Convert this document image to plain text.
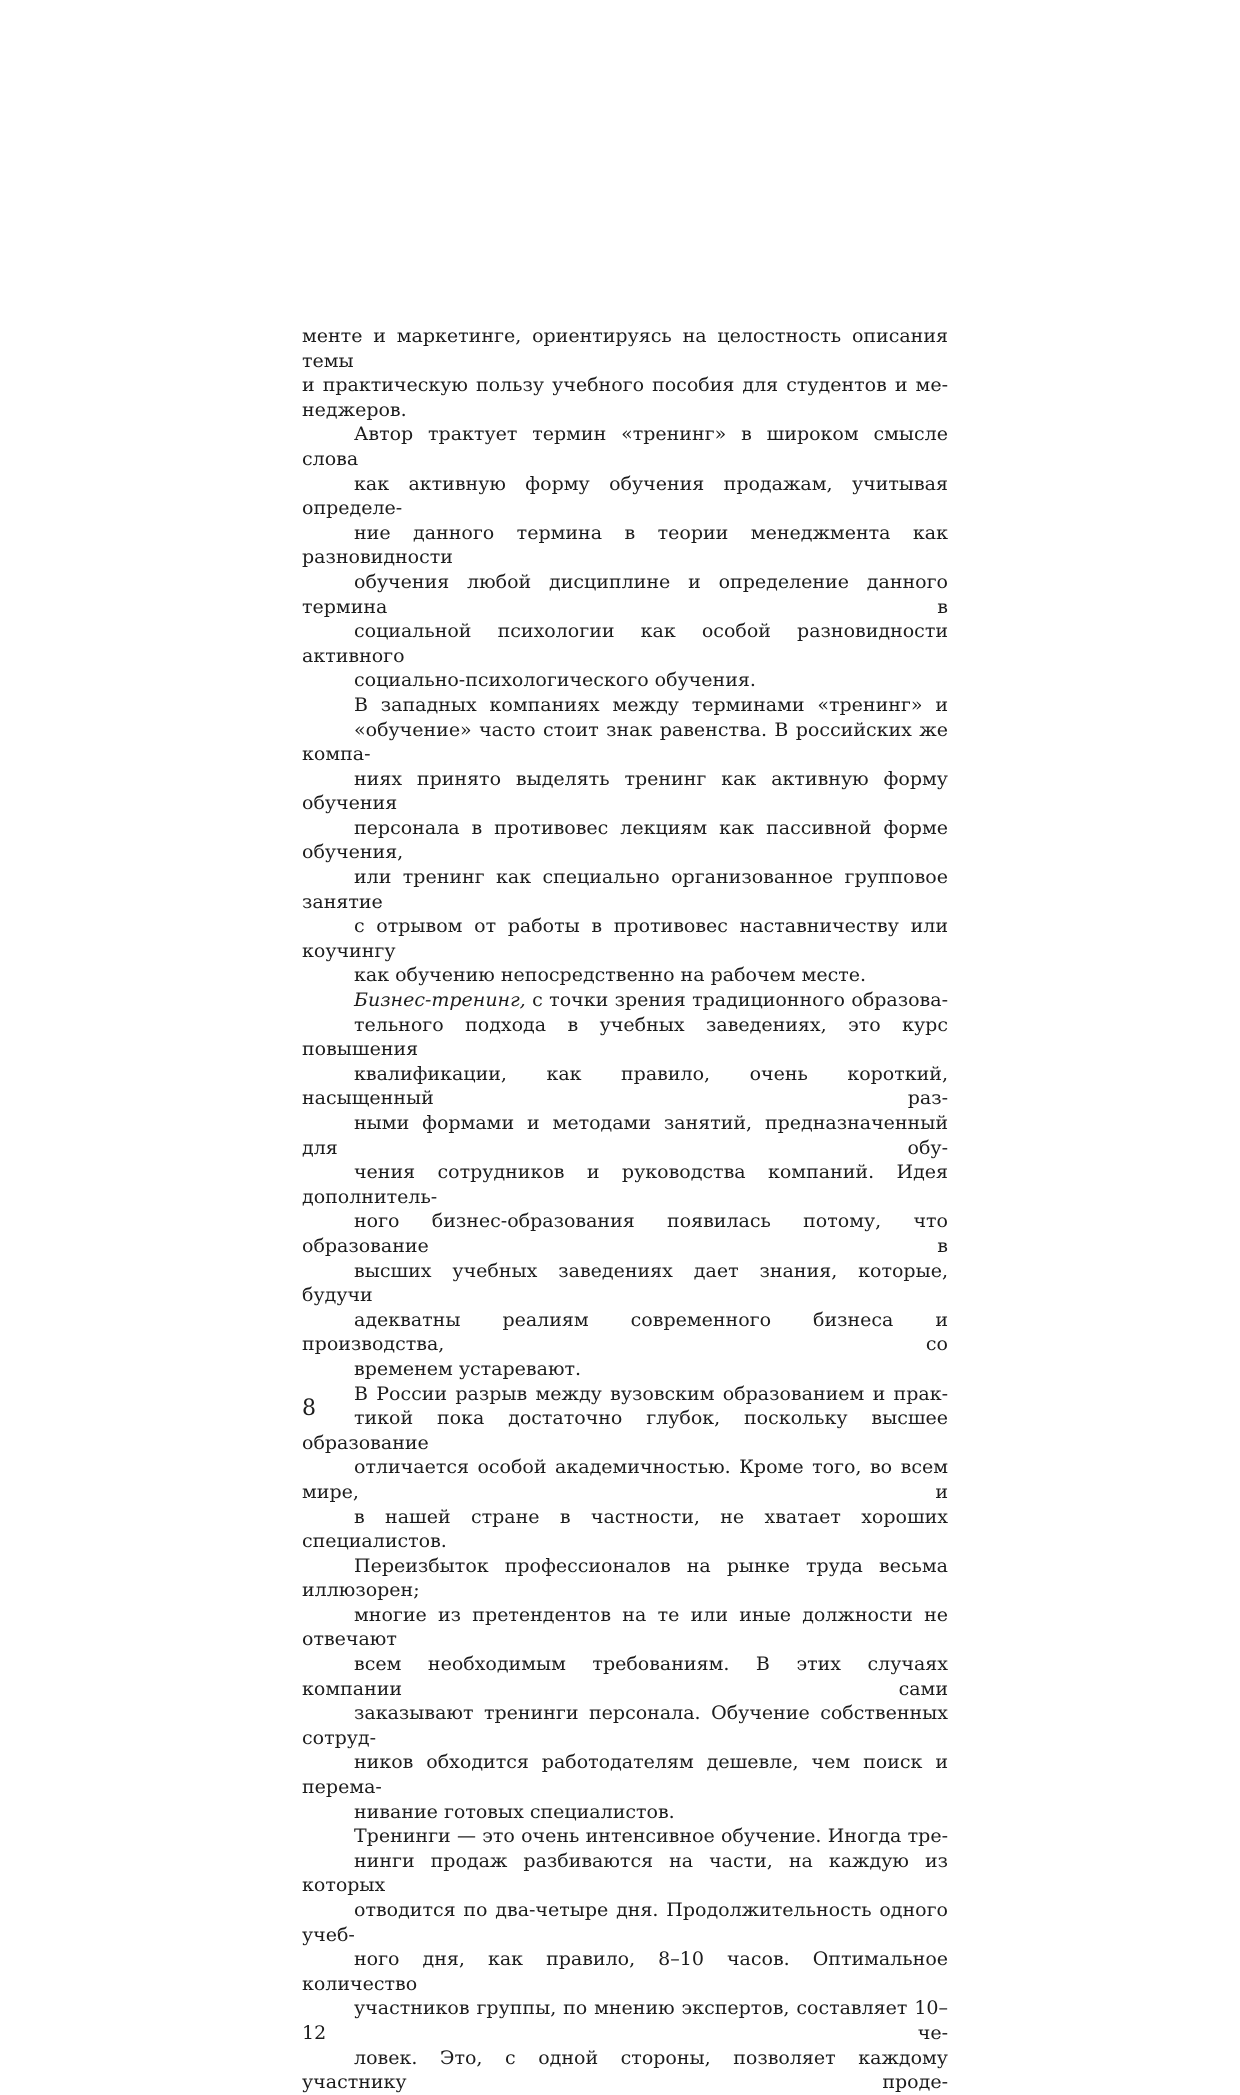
менте и маркетинге, ориентируясь на целостность описания темы
и практическую пользу учебного пособия для студентов и ме-
неджеров.

Автор трактует термин «тренинг» в широком смысле слова
как активную форму обучения продажам, учитывая определе-
ние данного термина в теории менеджмента как разновидности
обучения любой дисциплине и определение данного термина в
социальной психологии как особой разновидности активного
социально-психологического обучения.

В западных компаниях между терминами «тренинг» и
«обучение» часто стоит знак равенства. В российских же компа-
ниях принято выделять тренинг как активную форму обучения
персонала в противовес лекциям как пассивной форме обучения,
или тренинг как специально организованное групповое занятие
с отрывом от работы в противовес наставничеству или коучингу
как обучению непосредственно на рабочем месте.

Бизнес-тренинг, с точки зрения традиционного образова-
тельного подхода в учебных заведениях, это курс повышения
квалификации, как правило, очень короткий, насыщенный раз-
ными формами и методами занятий, предназначенный для обу-
чения сотрудников и руководства компаний. Идея дополнитель-
ного бизнес-образования появилась потому, что образование в
высших учебных заведениях дает знания, которые, будучи
адекватны реалиям современного бизнеса и производства, со
временем устаревают.

В России разрыв между вузовским образованием и прак-
тикой пока достаточно глубок, поскольку высшее образование
отличается особой академичностью. Кроме того, во всем мире, и
в нашей стране в частности, не хватает хороших специалистов.
Переизбыток профессионалов на рынке труда весьма иллюзорен;
многие из претендентов на те или иные должности не отвечают
всем необходимым требованиям. В этих случаях компании сами
заказывают тренинги персонала. Обучение собственных сотруд-
ников обходится работодателям дешевле, чем поиск и перема-
нивание готовых специалистов.

Тренинги — это очень интенсивное обучение. Иногда тре-
нинги продаж разбиваются на части, на каждую из которых
отводится по два-четыре дня. Продолжительность одного учеб-
ного дня, как правило, 8–10 часов. Оптимальное количество
участников группы, по мнению экспертов, составляет 10–12 че-
ловек. Это, с одной стороны, позволяет каждому участнику проде-

8
